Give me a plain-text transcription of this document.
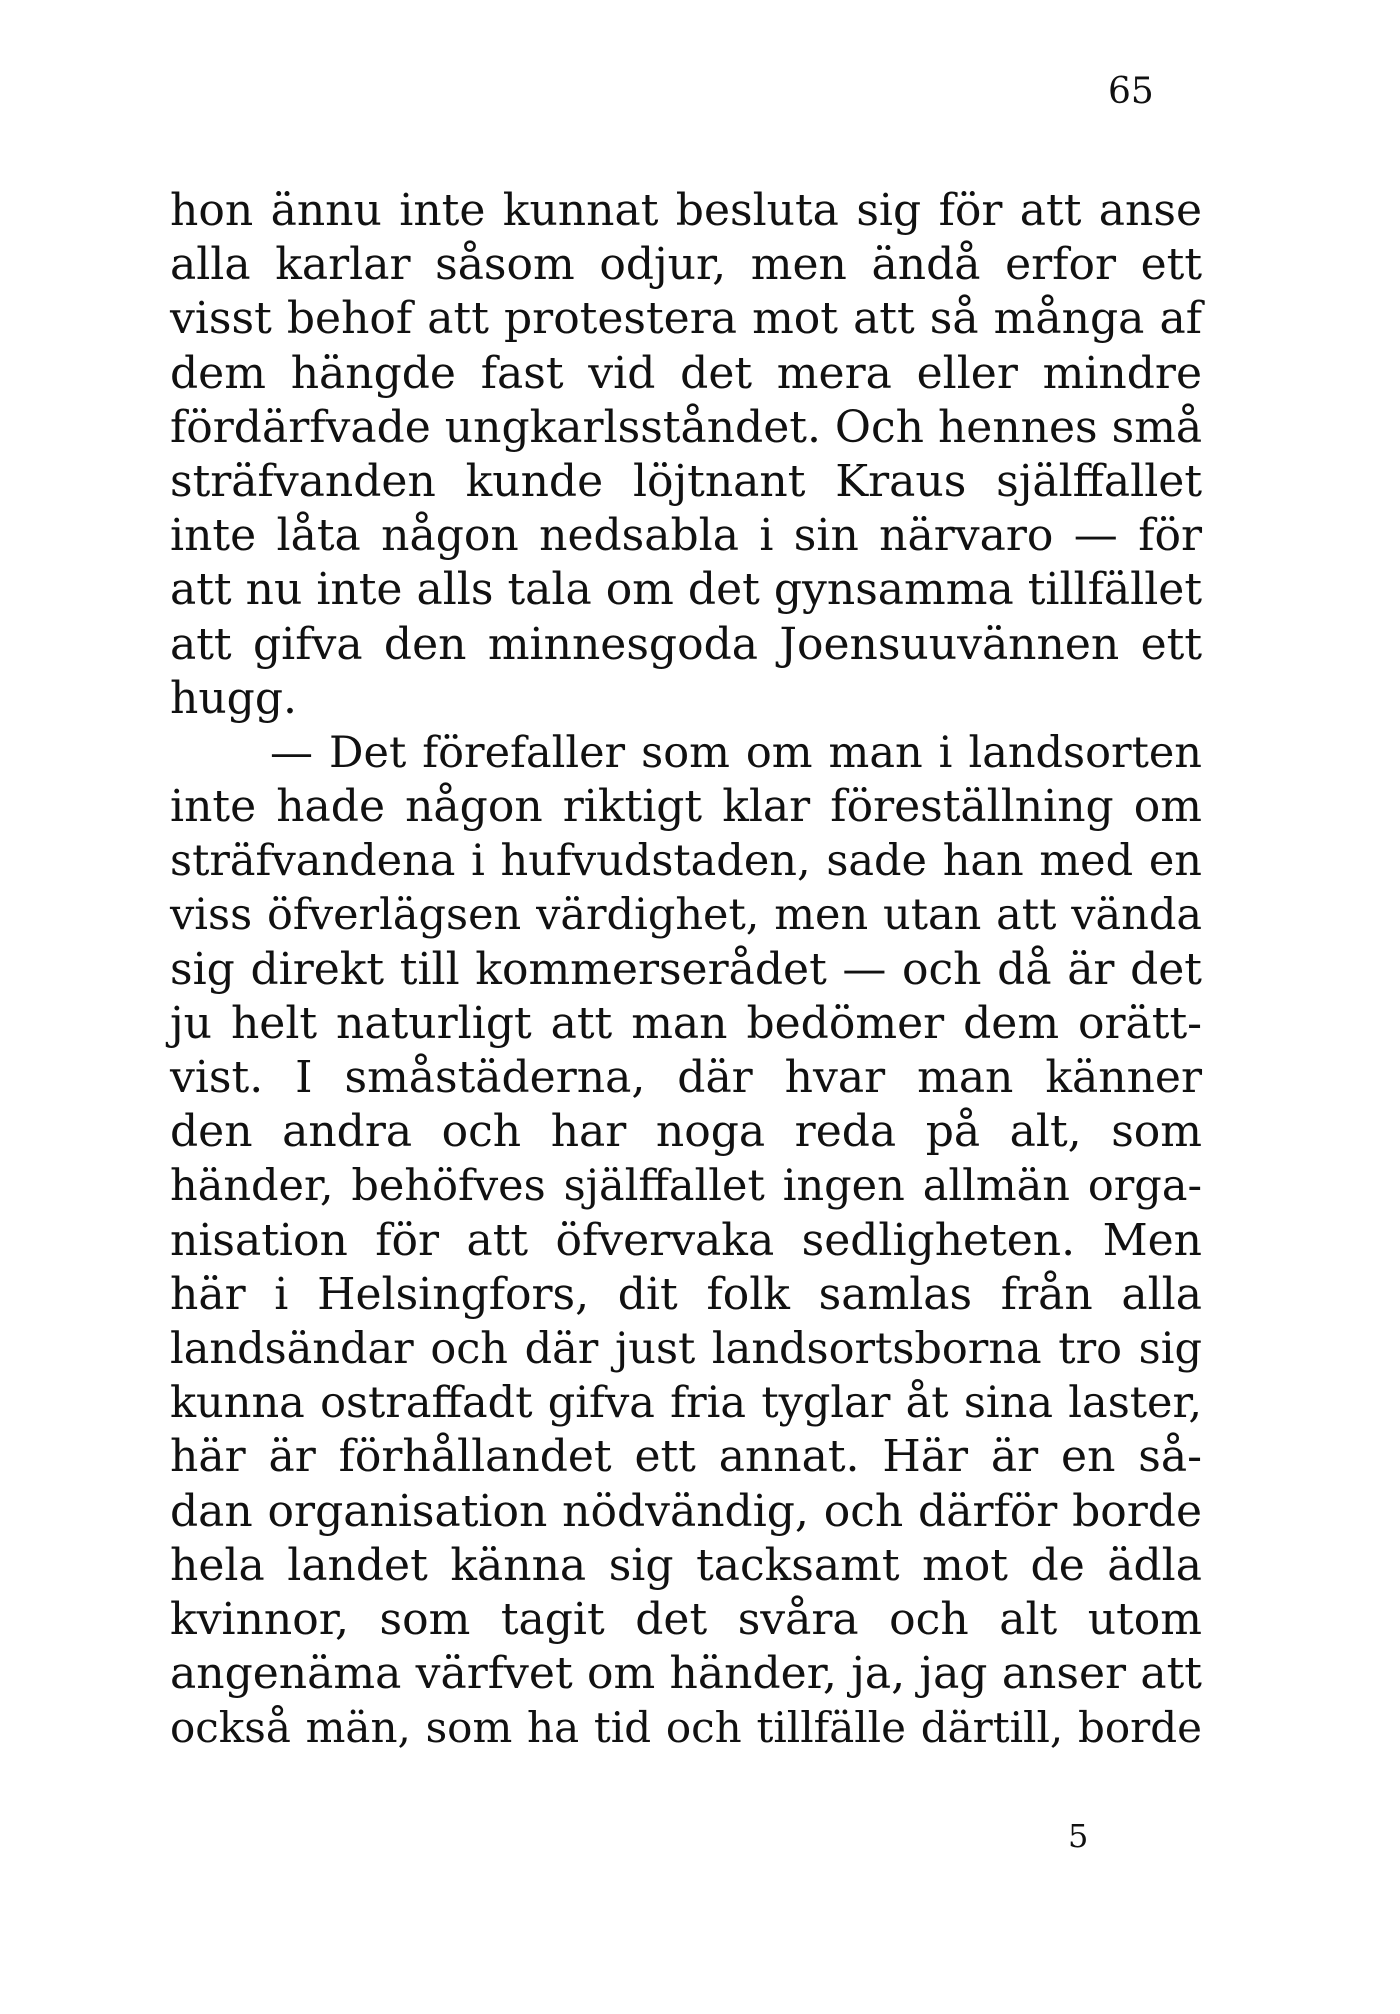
65
hon ännu inte kunnat besluta sig för att anse
alla karlar såsom odjur, men ändå erfor ett
visst behof att protestera mot att så många af
dem hängde fast vid det mera eller mindre
fördärfvade ungkarlsståndet. Och hennes små
sträfvanden kunde löjtnant Kraus själffallet
inte låta någon nedsabla i sin närvaro — för
att nu inte alls tala om det gynsamma tillfället
att gifva den minnesgoda Joensuuvännen ett
hugg.
— Det förefaller som om man i landsorten
inte hade någon riktigt klar föreställning om
sträfvandena i hufvudstaden, sade han med en
viss öfverlägsen värdighet, men utan att vända
sig direkt till kommerserådet — och då är det
ju helt naturligt att man bedömer dem orätt-
vist. I småstäderna, där hvar man känner
den andra och har noga reda på alt, som
händer, behöfves själffallet ingen allmän orga-
nisation för att öfvervaka sedligheten. Men
här i Helsingfors, dit folk samlas från alla
landsändar och där just landsortsborna tro sig
kunna ostraffadt gifva fria tyglar åt sina laster,
här är förhållandet ett annat. Här är en så-
dan organisation nödvändig, och därför borde
hela landet känna sig tacksamt mot de ädla
kvinnor, som tagit det svåra och alt utom
angenäma värfvet om händer, ja, jag anser att
också män, som ha tid och tillfälle därtill, borde
5
